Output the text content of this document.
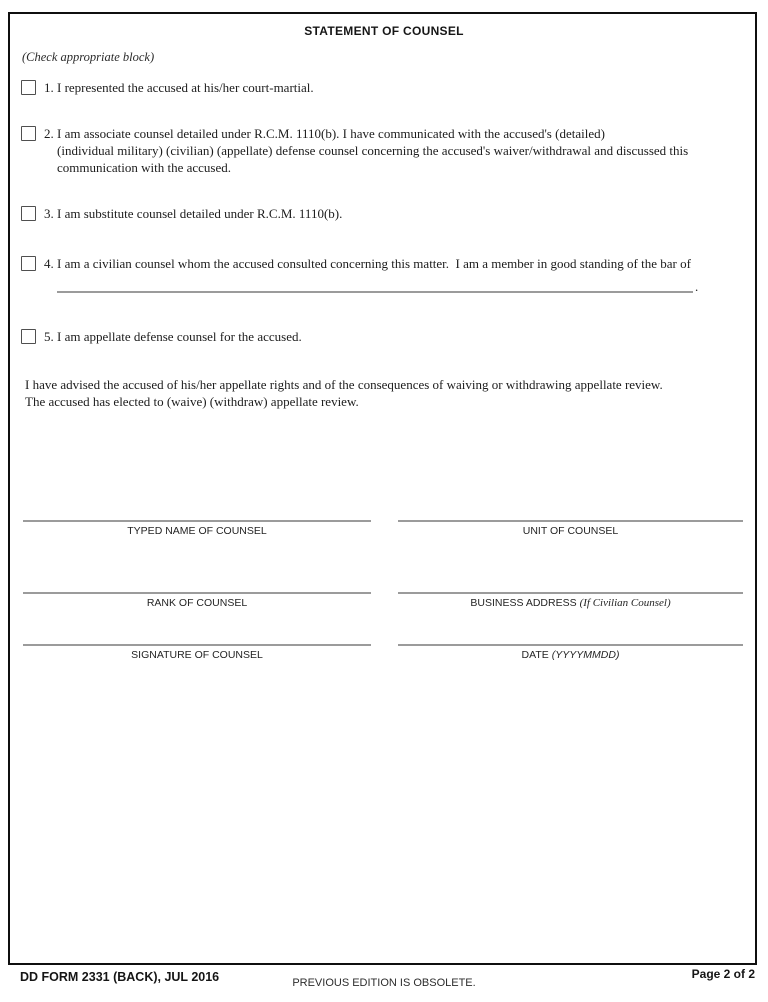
STATEMENT OF COUNSEL
(Check appropriate block)
1. I represented the accused at his/her court-martial.
2. I am associate counsel detailed under R.C.M. 1110(b). I have communicated with the accused's (detailed)
(individual military) (civilian) (appellate) defense counsel concerning the accused's waiver/withdrawal and discussed this
communication with the accused.
3. I am substitute counsel detailed under R.C.M. 1110(b).
4. I am a civilian counsel whom the accused consulted concerning this matter.  I am a member in good standing of the bar of
.
5. I am appellate defense counsel for the accused.
I have advised the accused of his/her appellate rights and of the consequences of waiving or withdrawing appellate review.
The accused has elected to (waive) (withdraw) appellate review.
TYPED NAME OF COUNSEL	UNIT OF COUNSEL
RANK OF COUNSEL	BUSINESS ADDRESS (If Civilian Counsel)
SIGNATURE OF COUNSEL	DATE (YYYYMMDD)
DD FORM 2331 (BACK), JUL 2016	PREVIOUS EDITION IS OBSOLETE.
Page 2 of 2
